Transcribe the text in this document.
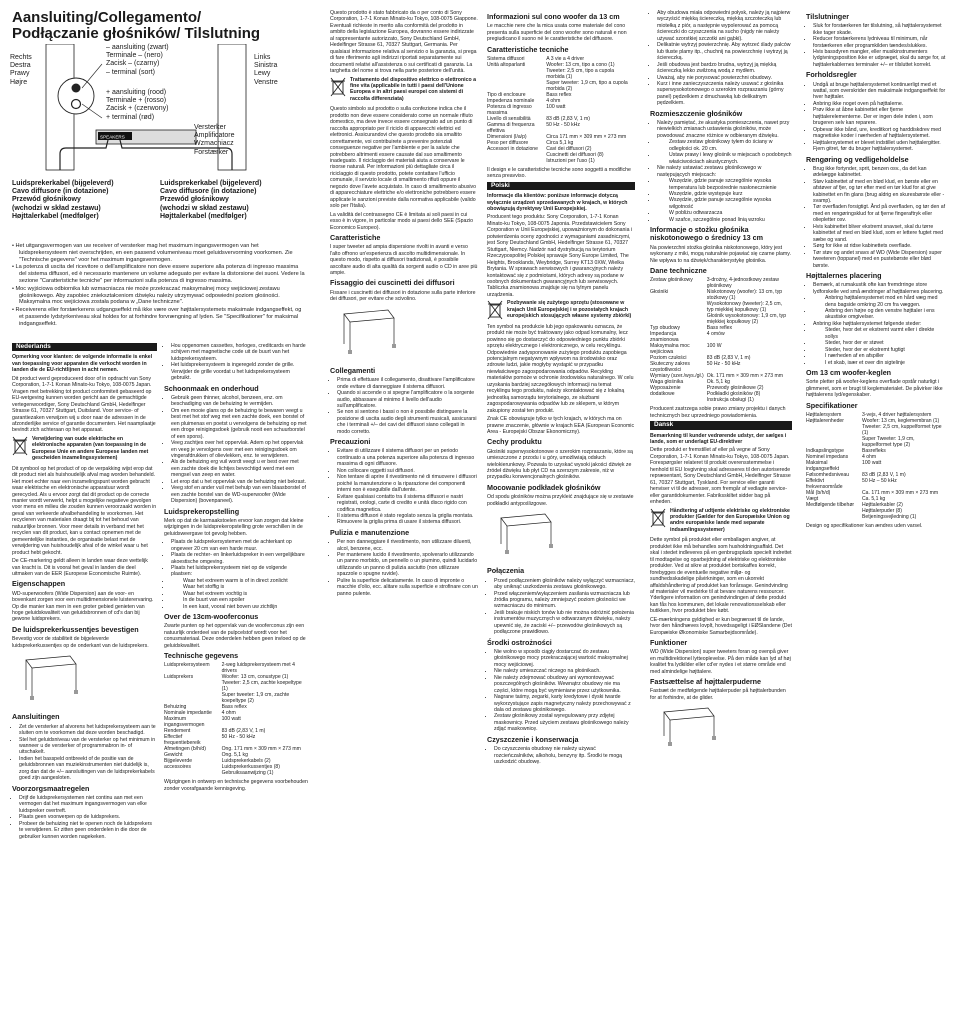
Aansluiting/Collegamento/
Podłączanie głośników/ Tilslutning
Rechts
Destra
Prawy
Højre
Links
Sinistra
Lewy
Venstre
SPEAKERS
– aansluiting (zwart)
Terminale – (nero)
Zacisk – (czarny)
– terminal (sort)
+ aansluiting (rood)
Terminale + (rosso)
Zacisk + (czerwony)
+ terminal (rød)
Versterker
Amplificatore
Wzmacniacz
Forstærker
Luidsprekerkabel (bijgeleverd)
Cavo diffusore (in dotazione)
Przewód głośnikowy
(wchodzi w skład zestawu)
Højttalerkabel (medfølger)
Luidsprekerkabel (bijgeleverd)
Cavo diffusore (in dotazione)
Przewód głośnikowy
(wchodzi w skład zestawu)
Højttalerkabel (medfølger)

• Het uitgangsvermogen van uw receiver of versterker mag het maximum ingangsvermogen van het luidsprekersysteem niet overschrijden, en een passend volumeniveau moet geluidsvervorming voorkomen. Zie "Technische gegevens" voor het maximum ingangsvermogen.

• La potenza di uscita del ricevitore o dell'amplificatore non deve essere superiore alla potenza di ingresso massima del sistema diffusori, ed è necessario mantenere un volume adeguato per evitare la distorsione dei suoni. Vedere la sezione "Caratteristiche tecniche" per informazioni sulla potenza di ingresso massima.

• Moc wyjściowa odbiornika lub wzmacniacza nie może przekraczać maksymalnej mocy wejściowej zestawu głośnikowego. Aby zapobiec zniekształceniom dźwięku należy utrzymywać odpowiedni poziom głośności. Maksymalna moc wejściowa została podana w „Dane techniczne".

• Receiverens eller forstærkerens udgangseffekt må ikke være over højttalersystemets maksimale indgangseffekt, og et passende lydstyrkeniveau skal holdes for at forhindre forvrængning af lyden. Se "Specifikationer" for maksimal indgangseffekt.

Nederlands

Opmerking voor klanten: de volgende informatie is enkel van toepassing voor apparaten die verkocht worden in landen die de EU-richtlijnen in acht nemen.

Dit product werd geproduceerd door of in opdracht van Sony Corporation, 1-7-1 Konan Minato-ku Tokyo, 108-0075 Japan. Vragen met betrekking tot product conformiteit gebaseerd op EU-wetgeving kunnen worden gericht aan de gemachtigde vertegenwoordiger, Sony Deutschland GmbH, Hedelfinger Strasse 61, 70327 Stuttgart, Duitsland. Voor service- of garantiezaken verwijzen wij u door naar de adressen in de afzonderlijke service of garantie documenten. Het naamplaatje bevindt zich achteraan op het apparaat.

Verwijdering van oude elektrische en elektronische apparaten (van toepassing in de Europese Unie en andere Europese landen met gescheiden inzamelingssystemen)

Dit symbool op het product of op de verpakking wijst erop dat dit product niet als huishoudelijk afval mag worden behandeld. Het moet echter naar een inzamelingspunt worden gebracht waar elektrische en elektronische apparatuur wordt gerecycled. Als u ervoor zorgt dat dit product op de correcte manier wordt verwerkt, helpt u mogelijke negatieve gevolgen voor mens en milieu die zouden kunnen veroorzaakt worden in geval van verkeerde afvalbehandeling te voorkomen. Het recycleren van materialen draagt bij tot het behoud van natuurlijke bronnen. Voor meer details in verband met het recyclen van dit product, kan u contact opnemen met de gemeentelijke instanties, de organisatie belast met de verwijdering van huishoudelijk afval of de winkel waar u het product hebt gekocht.

De CE-markering geldt alleen in landen waar deze wettelijk van kracht is. Dit is vooral het geval in landen die deel uitmaken van de EER (Europese Economische Ruimte).

Eigenschappen

WD-superwoofers (Wide Dispersion) aan de voor- en bovenkant zorgen voor een multidimensionele luisterervaring. Op die manier kan men in een groter gebied genieten van hoge geluidskwaliteit van geluidsbronnen of cd's dan bij gewone luidsprekers.

De luidsprekerkussentjes bevestigen

Bevestig voor de stabiliteit de bijgeleverde luidsprekerkussentjes op de onderkant van de luidsprekers.

Aansluitingen
• Zet de versterker af alvorens het luidsprekersysteem aan te sluiten om te voorkomen dat deze worden beschadigd.
• Stel het geluidsniveau van de versterker op het minimum in wanneer u de versterker of programmabron in- of uitschakelt.
• Indien het basspeld ontbreekt of de positie van de geluidsbronnen van muziekinstrumenten niet duidelijk is, zorg dan dat de +/– aansluitingen van de luidsprekerkabels goed zijn aangesloten.
Voorzorgsmaatregelen
• Drijf de luidsprekersystemen niet continu aan met een vermogen dat het maximum ingangsvermogen van elke luidspreker overtreft.
• Plaats geen voorwerpen op de luidsprekers.
• Probeer de behuizing niet te openen noch de luidsprekers te verwijderen. Er zitten geen onderdelen in die door de gebruiker kunnen worden nagekeken.
• Hou opgenomen cassettes, horloges, creditcards en harde schijven met magnetische code uit de buurt van het luidsprekersysteem.
• Het luidsprekersysteem is ingeregeld zonder de grille. Verwijder de grille voordat u het luidsprekersysteem gebruikt.
Schoonmaak en onderhoud
• Gebruik geen thinner, alcohol, benzeen, enz. om beschadiging van de behuizing te vermijden.
• Om een mooie glans op de behuizing te bewaren veegt u best met het stof weg met een zachte doek, een borstel of een pluimenas en poetst u vervolgens de behuizing op met een droge reinigingsdoek (gebruik nooit een schuurborstel of een spons).
• Veeg zachtjes over het oppervlak. Adem op het oppervlak en veeg je vervolgens over met een reinigingsdoek om vingerafdrukken of olievlekken, enz. te verwijderen.
• Als de behuizing erg vuil wordt veegt u er best over met een zachte doek die lichtjes bevochtigd werd met een mengsel van zeep en water.
• Let erop dat u het oppervlak van de behuizing niet bekrast.
• Veeg stof en ander vuil met behulp van een blaasborstel of een zachte borstel van de WD-superwoofer (Wide Dispersion) (bovenpaneel).
Luidsprekeropstelling

Merk op dat de karmaakstoelen ervoor kan zorgen dat kleine wijzigingen in de luidsprekeropstelling grote verschillen in de geluidsweergave tot gevolg hebben.

• Plaats de luidsprekersystemen met de achterkant op ongeveer 20 cm van een harde muur.
• Plaats de rechter- en linkerluidspreker in een vergelijkbare akoestische omgeving.
• Plaats het luidsprekersysteem niet op de volgende plaatsen:
• Waar het extreem warm is of in direct zonlicht
• Waar het stoffig is
• Waar het extreem vochtig is
• In de buurt van een spoiler
• In een kast, vooral niet boven uw zichtlijn
Over de 13cm-wooferconus

Zwarte punten op het oppervlak van de wooferconus zijn een natuurlijk onderdeel van de pulpcelstof wordt voor het conusmateriaal. Deze onderdelen hebben geen invloed op de geluidskwaliteit.

Technische gegevens
Luidsprekersysteem	2-weg luidsprekersysteem met 4 drivers
Luidsprekers	Woofer: 13 cm, conustype (1)
Tweeter: 2,5 cm, zachte koepeltype (1)
Super tweeter: 1,9 cm, zachte koepeltype (2)
Behuizing	Bass reflex
Nominale impedantie	4 ohm
Maximum ingangsvermogen	100 watt
Rendement	83 dB (2,83 V, 1 m)
Effectief frequentiebereik	50 Hz - 50 kHz
Afmetingen (b/h/d)	Ong. 171 mm × 309 mm × 273 mm
Gewicht	Ong. 5,1 kg
Bijgeleverde accessoires	Luidsprekerkabels (2)
Luidsprekerkussentjes (8)
Gebruiksaanwijzing (1)

Wijzigingen in ontwerp en technische gegevens voorbehouden zonder voorafgaande kennisgeving.

Questo prodotto è stato fabbricato da o per conto di Sony Corporation, 1-7-1 Konan Minato-ku Tokyo, 108-0075 Giappone. Eventuali richieste in merito alla conformità del prodotto in ambito della legislazione Europea, dovranno essere indirizzate al rappresentante autorizzato, Sony Deutschland GmbH, Hedelfinger Strasse 61, 70327 Stuttgart, Germania. Per qualsiasi informazione relativa al servizio o la garanzia, si prega di fare riferimento agli indirizzi riportati separatamente sui documenti relativi all'assistenza o sui certificati di garanzia. La targhetta del nome si trova nella parte posteriore dell'unità.

Trattamento del dispositivo elettrico o elettronico a fine vita (applicabile in tutti i paesi dell'Unione Europea e in altri paesi europei con sistemi di raccolta differenziata)

Questo simbolo sul prodotto o sulla confezione indica che il prodotto non deve essere considerato come un normale rifiuto domestico, ma deve invece essere consegnato ad un punto di raccolta appropriato per il riciclo di apparecchi elettrici ed elettronici. Assicurandovi che questo prodotto sia smaltito correttamente, voi contribuirete a prevenire potenziali conseguenze negative per l'ambiente e per la salute che potrebbero altrimenti essere causate dal suo smaltimento inadeguato. Il riciclaggio dei materiali aiuta a conservare le risorse naturali. Per informazioni più dettagliate circa il riciclaggio di questo prodotto, potete contattare l'ufficio comunale, il servizio locale di smaltimento rifiuti oppure il negozio dove l'avete acquistato. In caso di smaltimento abusivo di apparecchiature elettriche e/o elettroniche potrebbero essere applicate le sanzioni previste dalla normativa applicabile (valido solo per l'Italia).

La validità del contrassegno CE è limitata ai soli paesi in cui esso è in vigore, in particolar modo ai paesi dello SEE (Spazio Economico Europeo).

Caratteristiche

I super tweeter ad ampia dispersione rivolti in avanti e verso l'alto offrono un'esperienza di ascolto multidimensionale. In questo modo, rispetto ai diffusori tradizionali, è possibile ascoltare audio di alta qualità da sorgenti audio o CD in aree più ampie.

Fissaggio dei cuscinetti dei diffusori

Fissare i cuscinetti dei diffusori in dotazione sulla parte inferiore dei diffusori, per evitare che scivolino.

Collegamenti
• Prima di effettuare il collegamento, disattivare l'amplificatore onde evitare di danneggiare il sistema diffusori.
• Quando si accende o si spegne l'amplificatore o la sorgente audio, abbassare al minimo il livello dell'audio sull'amplificatore.
• Se non si sentono i bassi o non è possibile distinguere la posizione di uscita audio degli strumenti musicali, assicurarsi che i terminali +/– dei cavi dei diffusori siano collegati in modo corretto.
Precauzioni
• Evitare di utilizzare il sistema diffusori per un periodo continuato a una potenza superiore alla potenza di ingresso massima di ogni diffusore.
• Non collocare oggetti sui diffusori.
• Non tentare di aprire il rivestimento né di rimuovere i diffusori poiché la manutenzione o la riparazione dei componenti interni non è eseguibile dall'utente.
• Evitare qualsiasi contatto tra il sistema diffusori e nastri registrati, orologi, carte di credito e unità disco rigido con codifica magnetica.
• Il sistema diffusori è stato regolato senza la griglia montata. Rimuovere la griglia prima di usare il sistema diffusori.
Pulizia e manutenzione
• Per non danneggiare il rivestimento, non utilizzare diluenti, alcol, benzene, ecc.
• Per mantenere lucido il rivestimento, spolverarlo utilizzando un panno morbido, un pennello o un piumino, quindi lucidarlo utilizzando un panno di pulizia asciutto (non utilizzare spazzole o spugne ruvide).
• Pulire la superficie delicatamente. In caso di impronte o macchie d'olio, ecc. alitare sulla superficie e strofinare con un panno pulente.
Informazioni sul cono woofer da 13 cm

Le macchie nere che la mica usata come materiale del cono presenta sulla superficie del cono woofer sono naturali e non pregiudicano il suono né le caratteristiche del diffusore.

Caratteristiche tecniche
Sistema diffusori	A 3 vie a 4 driver
Unità altoparlanti	Woofer: 13 cm, tipo a cono (1)
Tweeter: 2,5 cm, tipo a cupola morbida (1)
Super tweeter: 1,9 cm, tipo a cupola morbida (2)
Tipo di enclosure	Bass reflex
Impedenza nominale	4 ohm
Potenza di ingresso massima	100 watt
Livello di sensibilità	83 dB (2,83 V, 1 m)
Gamma di frequenza effettiva	50 Hz - 50 kHz
Dimensioni (l/a/p)	Circa 171 mm × 309 mm × 273 mm
Peso per diffusore	Circa 5,1 kg
Accessori in dotazione	Cavi dei diffusori (2)
Cuscinetti dei diffusori (8)
Istruzioni per l'uso (1)

Il design e le caratteristiche tecniche sono soggetti a modifiche senza preavviso.

Polski

Informacje dla klientów: poniższe informacje dotyczą wyłącznie urządzeń sprzedawanych w krajach, w których obowiązują dyrektywy Unii Europejskiej.

Producent tego produktu: Sony Corporation, 1-7-1 Konan Minato-ku Tokyo, 108-0075 Japonia. Przedstawicielem Sony Corporation w Unii Europejskiej, upoważnionym do dokonania i potwierdzenia oceny zgodności z wymaganiami zasadniczymi, jest Sony Deutschland GmbH, Hedelfinger Strasse 61, 70327 Stuttgart, Niemcy. Nadzór nad dystrybucją na terytorium Rzeczypospolitej Polskiej sprawuje Sony Europe Limited, The Heights, Brooklands, Weybridge, Surrey KT13 0XW, Wielka Brytania. W sprawach serwisowych i gwarancyjnych należy kontaktować się z podmiotami, których adresy są podane w osobnych dokumentach gwarancyjnych lub serwisowych. Tabliczka znamionowa znajduje się na tylnym panelu urządzenia.

Pozbywanie się zużytego sprzętu (stosowane w krajach Unii Europejskiej i w pozostałych krajach europejskich stosujących własne systemy zbiórki)

Ten symbol na produkcie lub jego opakowaniu oznacza, że produkt nie może być traktowany jako odpad komunalny, lecz powinno się go dostarczyć do odpowiedniego punktu zbiórki sprzętu elektrycznego i elektronicznego, w celu recyklingu. Odpowiednie zadysponowanie zużytego produktu zapobiega potencjalnym negatywnym wpływom na środowisko oraz zdrowie ludzi, jakie mogłyby wystąpić w przypadku niewłaściwego zagospodarowania odpadów. Recykling materiałów pomoże w ochronie środowiska naturalnego. W celu uzyskania bardziej szczegółowych informacji na temat recyklingu tego produktu, należy skontaktować się z lokalną jednostką samorządu terytorialnego, ze służbami zagospodarowywania odpadów lub ze sklepem, w którym zakupiony został ten produkt.

Znak CE obowiązuje tylko w tych krajach, w których ma on prawne znaczenie, głównie w krajach EEA (European Economic Area - Europejski Obszar Ekonomiczny).

Cechy produktu

Głośniki superwysokotonowe o szerokim rozpraszaniu, które są umieszczone z przodu i u góry, umożliwiają odsłuch wielokierunkowy. Pozwala to uzyskać wysoki jakości dźwięk ze źródeł dźwięku lub płyt CD na szerszym zakresie, niż w przypadku konwencjonalnych głośników.

Mocowanie podkładek głośników

Od spodu głośników można przykleić znajdujące się w zestawie podkładki antypoślizgowe.

Połączenia
• Przed podłączeniem głośników należy wyłączyć wzmacniacz, aby uniknąć uszkodzenia zestawu głośnikowego.
• Przed włączeniem/wyłączeniem zasilania wzmacniacza lub źródła programu, należy zmniejszyć poziom głośności we wzmacniaczu do minimum.
• Jeśli brakuje niskich tonów lub nie można odróżnić położenia instrumentów muzycznych w odtwarzanym dźwięku, należy upewnić się, że zaciski +/– przewodów głośnikowych są podłączone prawidłowo.
Środki ostrożności
• Nie wolno w sposób ciągły dostarczać do zestawu głośnikowego mocy przekraczającej wartość maksymalnej mocy wejściowej.
• Nie należy umieszczać niczego na głośnikach.
• Nie należy zdejmować obudowy ani wymontowywać poszczególnych głośników. Wewnątrz obudowy nie ma części, które mogą być wymieniane przez użytkownika.
• Nagrane taśmy, zegarki, karty kredytowe i dyski twarde wykorzystujące zapis magnetyczny należy przechowywać z dala od zestawu głośnikowego.
• Zestaw głośnikowy został wyregulowany przy zdjętej maskownicy. Przed użyciem zestawu głośnikowego należy zdjąć maskownicę.
Czyszczenie i konserwacja
• Do czyszczenia obudowy nie należy używać rozcieńczalników, alkoholu, benzyny itp. Środki te mogą uszkodzić obudowę.
• Aby obudowa miała odpowiedni połysk, należy ją najpierw wyczyścić miękką ściereczką, miękką szczoteczką lub miotełką z piór, a następnie wypolerować za pomocą ściereczki do czyszczenia na sucho (nigdy nie należy używać szorstkiej szczotki ani gąbki).
• Delikatnie wytrzyj powierzchnię. Aby wytrzeć ślady palców lub tłuste plamy itp., chuchnij na powierzchnię i wytrzyj ją ściereczką.
• Jeśli obudowa jest bardzo brudna, wytrzyj ją miękką ściereczką lekko zwilżoną wodą z mydłem.
• Uważaj, aby nie porysować powierzchni obudowy.
• Kurz i inne zanieczyszczenia należy usuwać z głośnika superwysokotonowego o szerokim rozpraszaniu (górny panel) pędzelkiem z dmuchawką lub delikatnym pędzelkiem.
Rozmieszczenie głośników
• Należy pamiętać, że akustyka pomieszczenia, nawet przy niewielkich zmianach ustawienia głośników, może powodować znaczne różnice w odbieranym dźwięku.
• Zestaw zestaw głośnikowy tyłem do ściany w odległości ok. 20 cm.
• Ustaw prawy i lewy głośnik w miejscach o podobnych właściwościach akustycznych.
• Nie należy ustawiać zestawu głośnikowego w następujących miejscach:
• Wszędzie, gdzie panuje szczególnie wysoka temperatura lub bezpośrednie nasłonecznienie
• Wszędzie, gdzie występuje kurz
• Wszędzie, gdzie panuje szczególnie wysoka wilgotność
• W pobliżu odtwarzacza
• W szafce, szczególnie ponad linią wzroku
Informacje o stożku głośnika niskotonowego o średnicy 13 cm

Na powierzchni stożka głośnika niskotonowego, który jest wykonany z miki, mogą naturalnie pojawiać się czarne plamy. Nie wpływa to na dźwięk/charakterystykę głośnika.

Dane techniczne
Zestaw głośnikowy	3-drożny, 4-jednostkowy zestaw głośnikowy
Głośniki	Niskotonowy (woofer): 13 cm, typ stożkowy (1)
Wysokotonowy (tweeter): 2,5 cm, typ miękkiej kopułkowy (1)
Głośnik wysokotonowy: 1,9 cm, typ miękkiej kopułkowy (2)
Typ obudowy	Bass reflex
Impedancja znamionowa	4 omów
Maksymalna moc wejściowa	100 W
Poziom czułości	83 dB (2,83 V, 1 m)
Skuteczny zakres częstotliwości	50 Hz - 50 kHz
Wymiary (szer./wys./gł.)	Ok. 171 mm × 309 mm × 273 mm
Waga głośnika	Ok. 5,1 kg
Wyposażenie dodatkowe	Przewody głośnikowe (2)
Podkładki głośników (8)
Instrukcja obsługi (1)

Producent zastrzega sobie prawo zmiany projektu i danych technicznych bez uprzedniego powiadomienia.

Dansk

Bemærkning til kunder vedrørende udstyr, der sælges i lande, som er underlagt EU-direktiver

Dette produkt er fremstillet af eller på vegne af Sony Corporation, 1-7-1 Konan Minato-ku Tokyo, 108-0075 Japan. Forespørgsler relateret til produkt overensstemmelse i henhold til EU lovgivning skal adresseres til den autoriserede repræsentant, Sony Deutschland GmbH, Hedelfinger Strasse 61, 70327 Stuttgart, Tyskland. For service eller garanti henviser vi til de adresser, som fremgår af vedlagte service- eller garantidokumenter. Fabriksskiltet sidder bag på enheden.

Håndtering af udtjente elektriske og elektroniske produkter (Gælder for den Europæiske Union og andre europæiske lande med separate indsamlingssystemer)

Dette symbol på produktet eller emballagen angiver, at produktet ikke må behandles som husholdningsaffald. Det skal i stedet indleveres på en genbrugsplads specielt indrettet til modtagelse og oparbejdning af elektriske og elektroniske produkter. Ved at sikre at produktet bortskaffes korrekt, forebygges de eventuelle negative miljø- og sundhedsskadelige påvirkninger, som en ukorrekt affaldshåndtering af produktet kan forårsage. Genindvinding af materialer vil medvirke til at bevare naturens ressourcer. Yderligere information om genindvindingen af dette produkt kan fås hos kommunen, det lokale renovationsselskab eller butikken, hvor produktet blev købt.

CE-mærkningens gyldighed er kun begrænset til de lande, hvor den håndhæves lovplt, hovedsageligt i EØSlandene (Det Europæiske Økonomiske Samarbejdsområde).

Funktioner

WD (Wide Dispersion) super tweeters foran og ovenpå giver en multidirektionel lytteoplevelse. På den måde kan lyd af høj kvalitet fra lydkilder eller cd'er nydes i et større område end med almindelige højttalere.

Fastsættelse af højttalerpuderne

Fastsæt de medfølgende højttalerpuder på højttalerbunden for at forhindre, at de glider.

Tilslutninger
• Sluk for forstærkeren før tilslutning, så højttalersystemet ikke tager skade.
• Reducer forstærkerens lydniveau til minimum, når forstærkeren eller programkilden tændes/slukkes.
• Hvis bassdyren mangler, eller musikinstrumenters lydgivningsposition ikke er udpræget, skal du sørge for, at højttalerkablernes terminaler +/– er tilsluttet korrekt.
Forholdsregler
• Undgå at bruge højttalersystemet kontinuerligt med et wattal, som overskrider den maksimale indgangseffekt for hver højttaler.
• Anbring ikke noget oven på højttalerne.
• Prøv ikke at åbne kabinettet eller fjerne højttalerelementerne. Der er ingen dele inden i, som brugeren selv kan reparere.
• Opbevar ikke bånd, ure, kreditkort og harddiskdrev med magnetiske koder i nærheden af højttalersystemet.
• Højttalersystemet er blevet indstillet uden højttalergitter. Fjern gitret, før du bruger højttalersystemet.
Rengøring og vedligeholdelse
• Brug ikke fortynder, sprit, benzen osv., da det kan ødelægge kabinettet.
• Støv kabinettet af med en blød klud, en børste eller en afstøver af fjer, og tør efter med en tør klud for at give kabinettet en fin glans (brug aldrig en skuresbørste eller -svamp).
• Tør overfladen forsigtigt. Ånd på overfladen, og tør den af med en rengøringsklud for at fjerne fingeraftryk eller oliepletter osv.
• Hvis kabinettet bliver ekstremt snavset, skal du tørre kabinettet af med en blød klud, som er lettere fugtet med sæbe og vand.
• Sørg for ikke at ridse kabinettets overflade.
• Tør støv og andet snavs af WD (Wide Dispersion) super tweeteren (toppanel) med en pustebørste eller blød børste.
Højttalernes placering
• Bemærk, at rumakustik ofte kan fremdrringe store lydforskelle ved små ændringer af højttalernes placering.
• Anbring højttalersystemet mod en hård væg med dens bagside omkring 20 cm fra væggen.
• Anbring den højre og den venstre højttaler i ens akustiske omgivelser.
• Anbring ikke højttalersystemet følgende steder:
• Steder, hvor det er ekstremt varmt eller i direkte sollys
• Steder, hvor der er støvet
• Steder, hvor der er ekstremt fugtigt
• I nærheden af en afspiller
• I et skab, især et over din sigtelinje
Om 13 cm woofer-keglen

Sorte pletter på woofer-keglens overflade opstår naturligt i glimmeret, som er brugt til keglematerialet. De påvirker ikke højttalerens lyd/egenskaber.

Specifikationer
Højttalersystem	3-vejs, 4 driver højttalersystem
Højttalerenheder	Woofer: 13 cm, keglemembran (1)
Tweeter: 2,5 cm, kuppelformet type (1)
Super Tweeter: 1,9 cm, kuppelformet type (2)
Indkapslingstype	Basrefleks
Nominel impedans	4 ohm
Maksimal indgangseffekt	100 watt
Følsomhedsniveau	83 dB (2,83 V, 1 m)
Effektivt frekvensområde	50 Hz – 50 kHz
Mål (b/h/d)	Ca. 171 mm × 309 mm × 273 mm
Vægt	Ca. 5,1 kg
Medfølgende tilbehør	Højttalerkabler (2)
Højttalerpuder (8)
Betjeningsvejledning (1)

Design og specifikationer kan ændres uden varsel.
